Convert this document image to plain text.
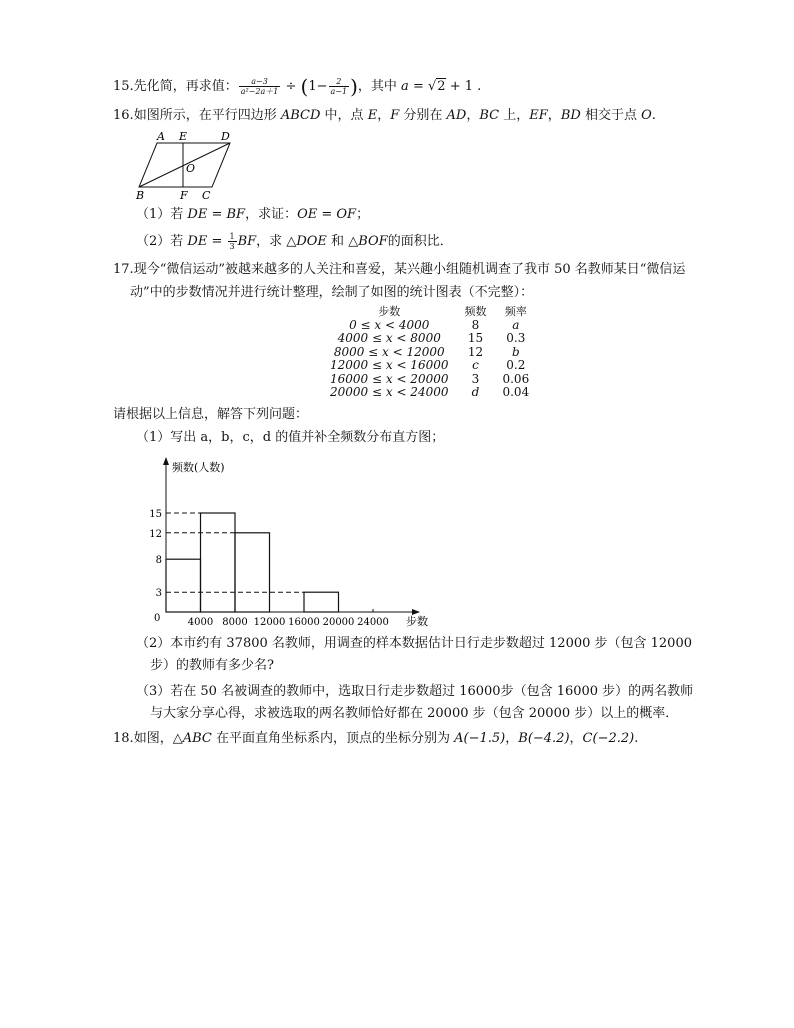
15.先化简，再求值： $\frac{a-3}{\text{a²−2a＋1}} \div (1- \frac{2}{a-1}$ )，其中 a = √2 + 1 .
16.如图所示，在平行四边形 ABCD 中，点 E，F 分别在 AD，BC 上，EF，BD 相交于点 O.
A E	D
O
B	F C
（1）若 DE = BF，求证：OE = OF；
（2）若 DE = $\frac{1}{3}$ BF，求 △DOE 和 △BOF的面积比．
17.现今“微信运动”被越来越多的人关注和喜爱，某兴趣小组随机调查了我市 50 名教师某日“微信运
动”中的步数情况并进行统计整理，绘制了如图的统计图表（不完整）：
步数	频数	频率
0 ≤ x < 4000	8	a
4000 ≤ x < 8000	15	0.3
8000 ≤ x < 12000	12	b
12000 ≤ x < 16000	c	0.2
16000 ≤ x < 20000	3	0.06
20000 ≤ x < 24000	d	0.04
请根据以上信息，解答下列问题：
（1）写出 a，b，c，d 的值并补全频数分布直方图；
3
8
12
15
4000 8000 12000 16000 20000 24000
频数(人数)
步数
0
（2）本市约有 37800 名教师，用调查的样本数据估计日行走步数超过 12000 步（包含 12000
步）的教师有多少名?
（3）若在 50 名被调查的教师中，选取日行走步数超过 16000步（包含 16000 步）的两名教师
与大家分享心得，求被选取的两名教师恰好都在 20000 步（包含 20000 步）以上的概率．
18.如图，△ABC 在平面直角坐标系内，顶点的坐标分别为 A(−1.5)，B(−4.2)，C(−2.2).
